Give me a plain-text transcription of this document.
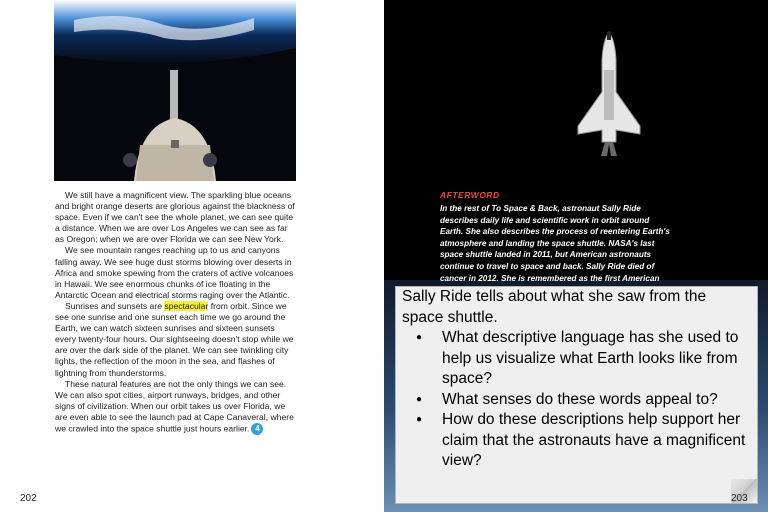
We still have a magnificent view. The sparkling blue oceans and bright orange deserts are glorious against the blackness of space. Even if we can't see the whole planet, we can see quite a distance. When we are over Los Angeles we can see as far as Oregon; when we are over Florida we can see New York.

We see mountain ranges reaching up to us and canyons falling away. We see huge dust storms blowing over deserts in Africa and smoke spewing from the craters of active volcanoes in Hawaii. We see enormous chunks of ice floating in the Antarctic Ocean and electrical storms raging over the Atlantic.

Sunrises and sunsets are spectacular from orbit. Since we see one sunrise and one sunset each time we go around the Earth, we can watch sixteen sunrises and sixteen sunsets every twenty-four hours. Our sightseeing doesn't stop while we are over the dark side of the planet. We can see twinkling city lights, the reflection of the moon in the sea, and flashes of lightning from thunderstorms.

These natural features are not the only things we can see. We can also spot cities, airport runways, bridges, and other signs of civilization. When our orbit takes us over Florida, we are even able to see the launch pad at Cape Canaveral, where we crawled into the space shuttle just hours earlier. 4

202
AFTERWORD
In the rest of To Space & Back, astronaut Sally Ride
describes daily life and scientific work in orbit around
Earth. She also describes the process of reentering Earth's
atmosphere and landing the space shuttle. NASA's last
space shuttle landed in 2011, but American astronauts
continue to travel to space and back. Sally Ride died of
cancer in 2012. She is remembered as the first American

Sally Ride tells about what she saw from the space shuttle.

● What descriptive language has she used to help us visualize what Earth looks like from space?
● What senses do these words appeal to?
● How do these descriptions help support her claim that the astronauts have a magnificent view?
203
